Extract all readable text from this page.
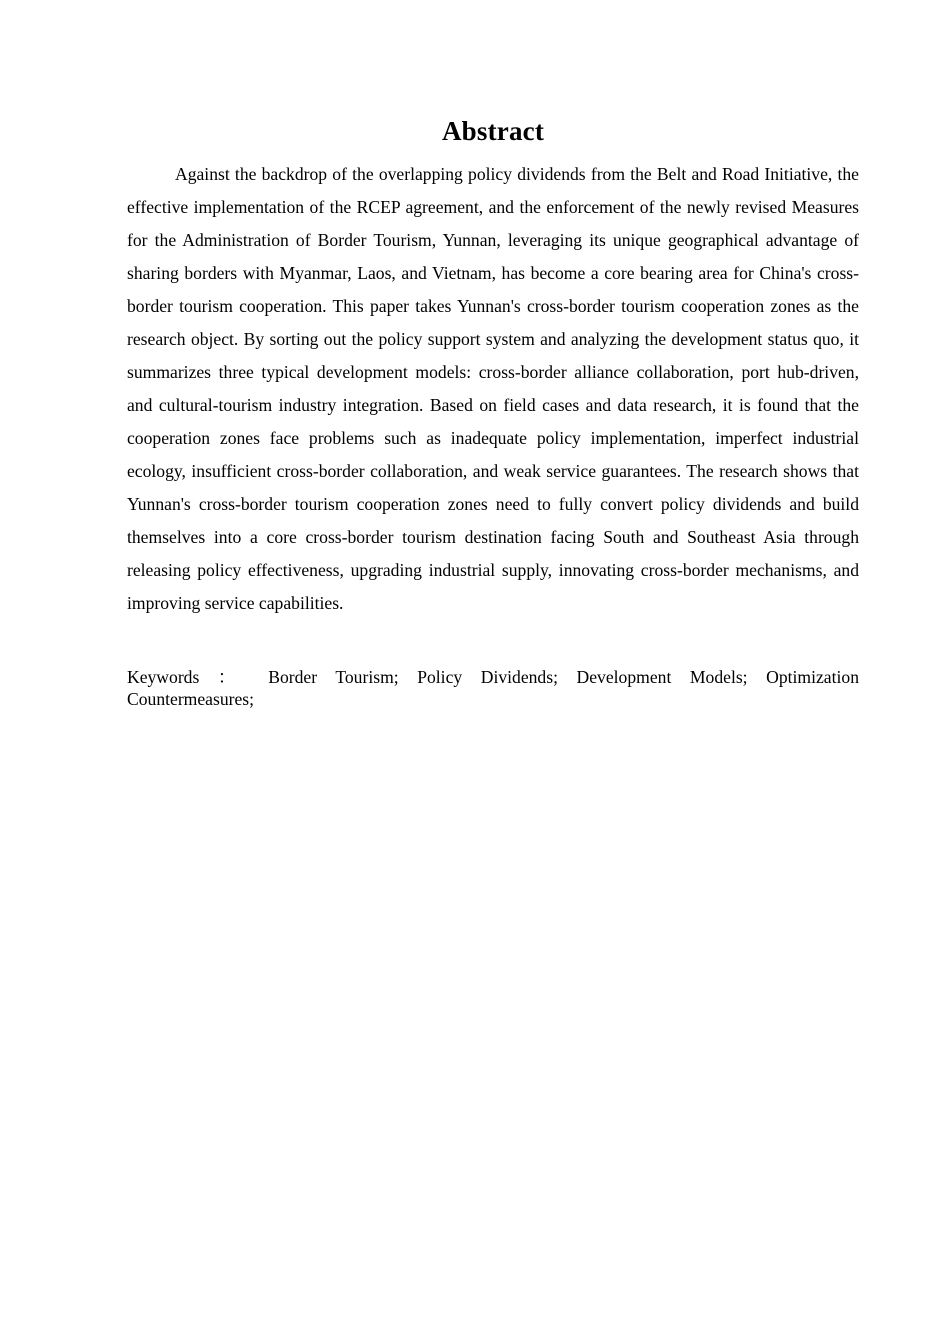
Abstract

Against the backdrop of the overlapping policy dividends from the Belt and Road Initiative, the effective implementation of the RCEP agreement, and the enforcement of the newly revised Measures for the Administration of Border Tourism, Yunnan, leveraging its unique geographical advantage of sharing borders with Myanmar, Laos, and Vietnam, has become a core bearing area for China's cross-border tourism cooperation. This paper takes Yunnan's cross-border tourism cooperation zones as the research object. By sorting out the policy support system and analyzing the development status quo, it summarizes three typical development models: cross-border alliance collaboration, port hub-driven, and cultural-tourism industry integration. Based on field cases and data research, it is found that the cooperation zones face problems such as inadequate policy implementation, imperfect industrial ecology, insufficient cross-border collaboration, and weak service guarantees. The research shows that Yunnan's cross-border tourism cooperation zones need to fully convert policy dividends and build themselves into a core cross-border tourism destination facing South and Southeast Asia through releasing policy effectiveness, upgrading industrial supply, innovating cross-border mechanisms, and improving service capabilities.

Keywords ： Border Tourism; Policy Dividends; Development Models; Optimization Countermeasures;
